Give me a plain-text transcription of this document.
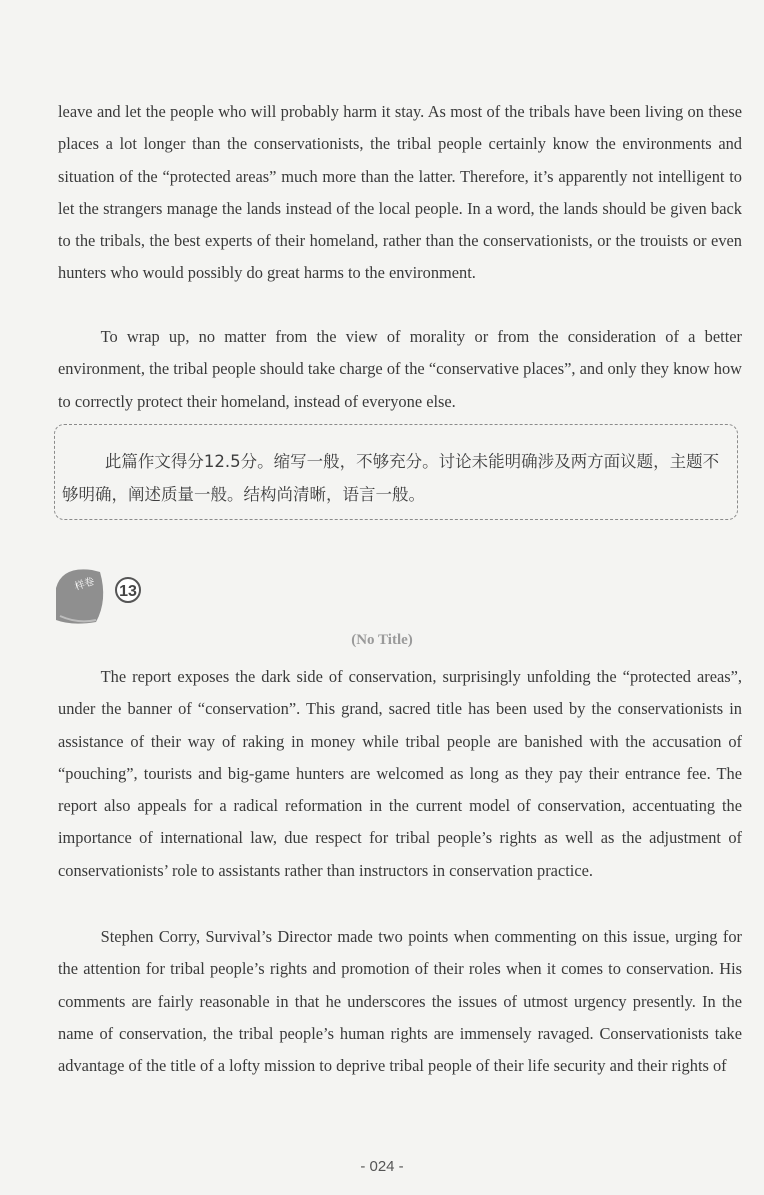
leave and let the people who will probably harm it stay. As most of the tribals have been living on these places a lot longer than the conservationists, the tribal people certainly know the environments and situation of the “protected areas” much more than the latter. Therefore, it’s apparently not intelligent to let the strangers manage the lands instead of the local people. In a word, the lands should be given back to the tribals, the best experts of their homeland, rather than the conservationists, or the trouists or even hunters who would possibly do great harms to the environment.

To wrap up, no matter from the view of morality or from the consideration of a better environment, the tribal people should take charge of the “conservative places”, and only they know how to correctly protect their homeland, instead of everyone else.

此篇作文得分12.5分。缩写一般，不够充分。讨论未能明确涉及两方面议题，主题不够明确，阐述质量一般。结构尚清晰，语言一般。

样卷 13
(No Title)

The report exposes the dark side of conservation, surprisingly unfolding the “protected areas”, under the banner of “conservation”. This grand, sacred title has been used by the conservationists in assistance of their way of raking in money while tribal people are banished with the accusation of “pouching”, tourists and big-game hunters are welcomed as long as they pay their entrance fee. The report also appeals for a radical reformation in the current model of conservation, accentuating the importance of international law, due respect for tribal people’s rights as well as the adjustment of conservationists’ role to assistants rather than instructors in conservation practice.

Stephen Corry, Survival’s Director made two points when commenting on this issue, urging for the attention for tribal people’s rights and promotion of their roles when it comes to conservation. His comments are fairly reasonable in that he underscores the issues of utmost urgency presently. In the name of conservation, the tribal people’s human rights are immensely ravaged. Conservationists take advantage of the title of a lofty mission to deprive tribal people of their life security and their rights of

- 024 -
